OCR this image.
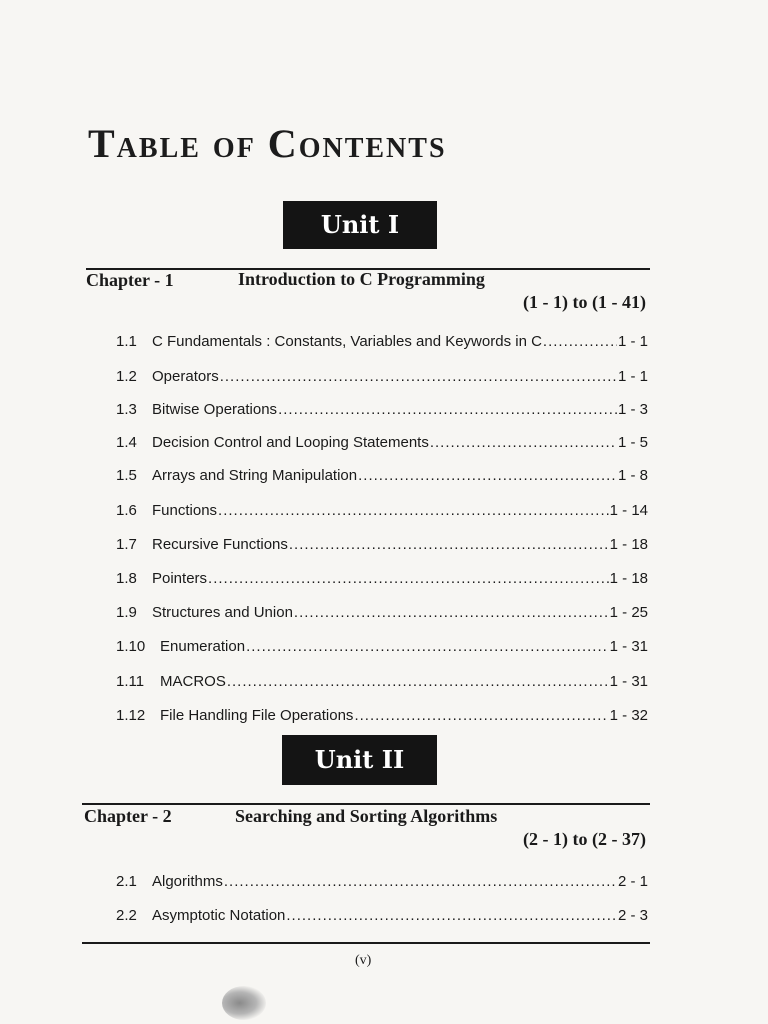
Table of Contents
Unit I
Chapter - 1	Introduction to C Programming
(1 - 1) to (1 - 41)
1.1	C Fundamentals : Constants, Variables and Keywords in C .....	1 - 1
1.2	Operators .....	1 - 1
1.3	Bitwise Operations .....	1 - 3
1.4	Decision Control and Looping Statements .....	1 - 5
1.5	Arrays and String Manipulation .....	1 - 8
1.6	Functions .....	1 - 14
1.7	Recursive Functions .....	1 - 18
1.8	Pointers .....	1 - 18
1.9	Structures and Union .....	1 - 25
1.10 Enumeration .....	1 - 31
1.11	MACROS .....	1 - 31
1.12 File Handling File Operations .....	1 - 32
Unit II
Chapter - 2	Searching and Sorting Algorithms
(2 - 1) to (2 - 37)
2.1	Algorithms .....	2 - 1
2.2	Asymptotic Notation .....	2 - 3
(v)
